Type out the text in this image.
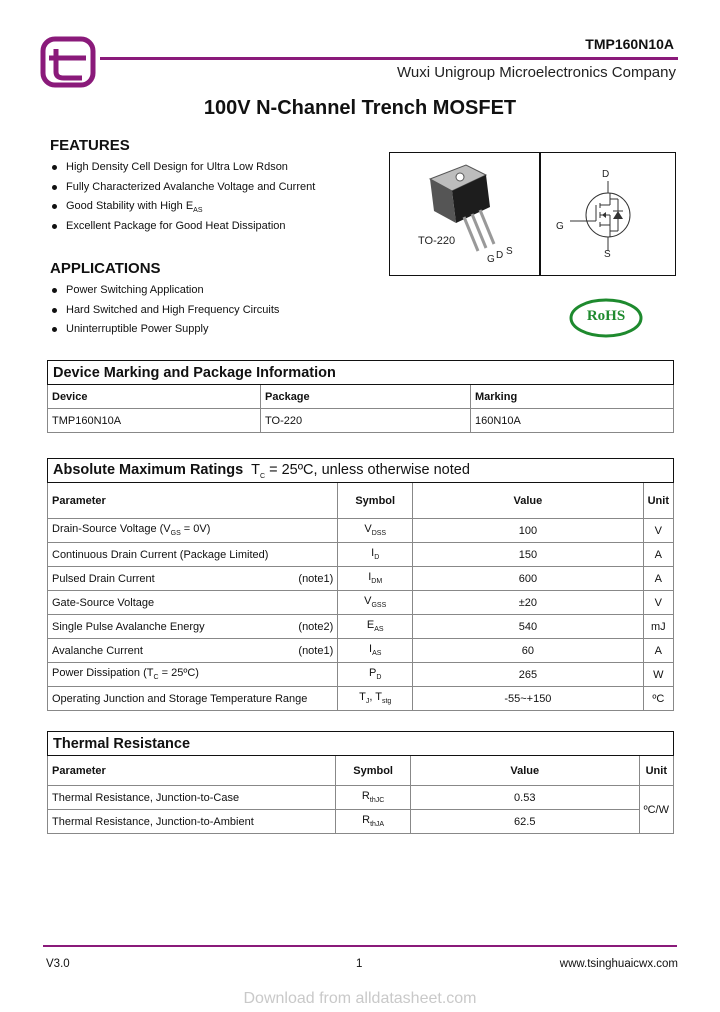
TMP160N10A
Wuxi Unigroup Microelectronics Company
100V N-Channel Trench MOSFET
FEATURES
High Density Cell Design for Ultra Low Rdson
Fully Characterized Avalanche Voltage and Current
Good Stability with High $E_{AS}$
Excellent Package for Good Heat Dissipation
APPLICATIONS
Power Switching Application
Hard Switched and High Frequency Circuits
Uninterruptible Power Supply
TO-220
G D S
D
G
S
RoHS
Device Marking and Package Information		
Device	Package	Marking
TMP160N10A	TO-220	160N10A
Absolute Maximum Ratings $T_C$ = 25ºC, unless otherwise noted			
Parameter	Symbol	Value	Unit
Drain-Source Voltage $(V_{GS} = 0V)$	$V_{DSS}$	100	V
Continuous Drain Current (Package Limited)	$I_D$	150	A
Pulsed Drain Current (note1)	$I_{DM}$	600	A
Gate-Source Voltage	$V_{GSS}$	±20	V
Single Pulse Avalanche Energy (note2)	$E_{AS}$	540	mJ
Avalanche Current (note1)	$I_{AS}$	60	A
Power Dissipation ($T_C$ = 25ºC)	$P_D$	265	W
Operating Junction and Storage Temperature Range	$T_J$, $T_{stg}$	-55~+150	ºC
Thermal Resistance			
Parameter	Symbol	Value	Unit
Thermal Resistance, Junction-to-Case	$R_{thJC}$	0.53	ºC/W
Thermal Resistance, Junction-to-Ambient	$R_{thJA}$	62.5	
V3.0	1	www.tsinghuaicwx.com
Download from alldatasheet.com
